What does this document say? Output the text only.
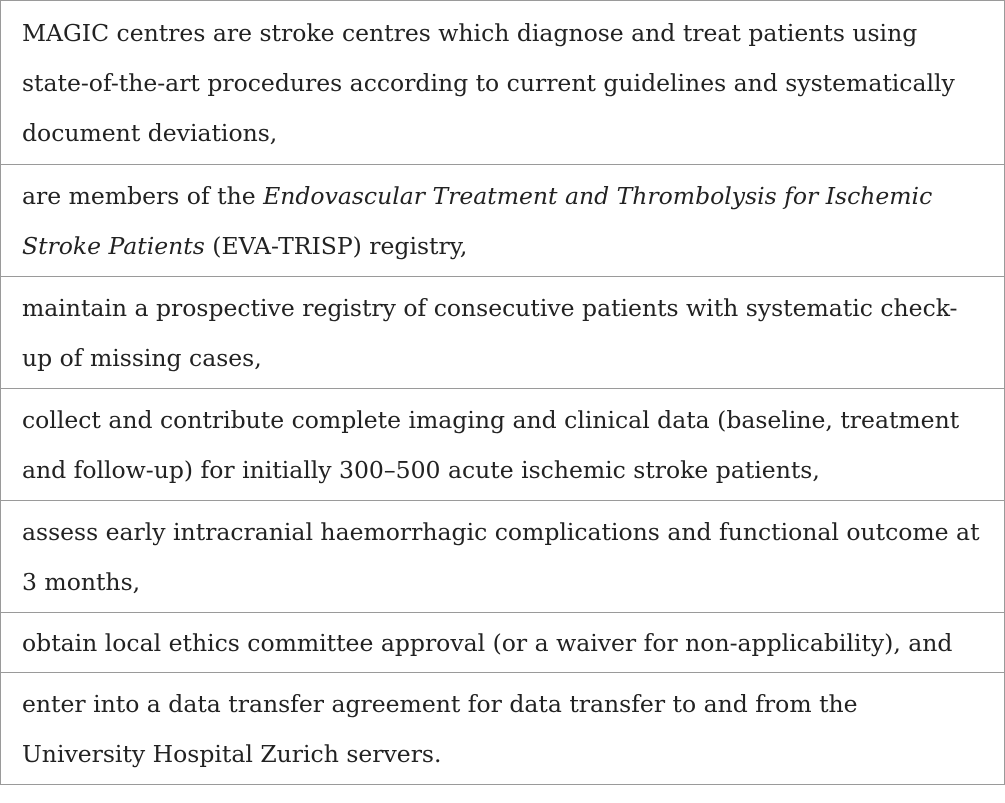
MAGIC centres are stroke centres which diagnose and treat patients using state-of-the-art procedures according to current guidelines and systematically document deviations,
are members of the Endovascular Treatment and Thrombolysis for Ischemic Stroke Patients (EVA-TRISP) registry,
maintain a prospective registry of consecutive patients with systematic check-up of missing cases,
collect and contribute complete imaging and clinical data (baseline, treatment and follow-up) for initially 300–500 acute ischemic stroke patients,
assess early intracranial haemorrhagic complications and functional outcome at 3 months,
obtain local ethics committee approval (or a waiver for non-applicability), and
enter into a data transfer agreement for data transfer to and from the University Hospital Zurich servers.
